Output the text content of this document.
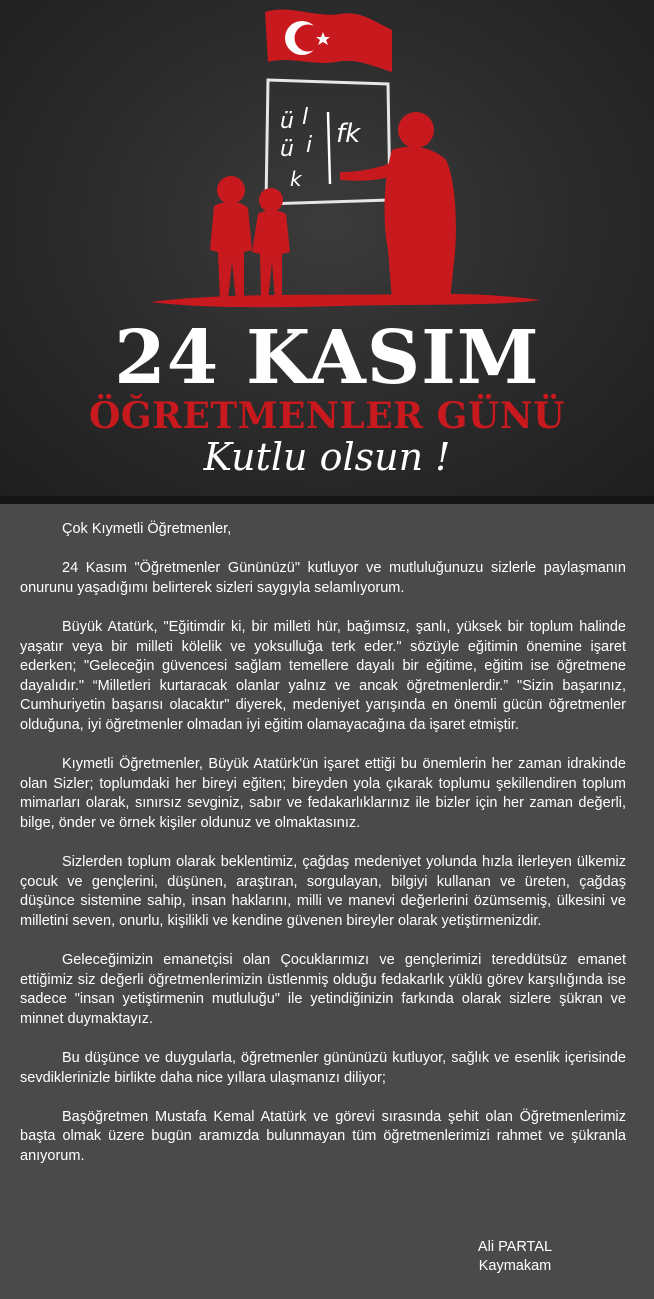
ü l
ü i
k
fk
24 KASIM
ÖĞRETMENLER GÜNÜ
Kutlu olsun !

Çok Kıymetli Öğretmenler,

24 Kasım "Öğretmenler Gününüzü" kutluyor ve mutluluğunuzu sizlerle paylaşmanın onurunu yaşadığımı belirterek sizleri saygıyla selamlıyorum.

Büyük Atatürk, "Eğitimdir ki, bir milleti hür, bağımsız, şanlı, yüksek bir toplum halinde yaşatır veya bir milleti kölelik ve yoksulluğa terk eder." sözüyle eğitimin önemine işaret ederken; "Geleceğin güvencesi sağlam temellere dayalı bir eğitime, eğitim ise öğretmene dayalıdır." “Milletleri kurtaracak olanlar yalnız ve ancak öğretmenlerdir.” "Sizin başarınız, Cumhuriyetin başarısı olacaktır" diyerek, medeniyet yarışında en önemli gücün öğretmenler olduğuna, iyi öğretmenler olmadan iyi eğitim olamayacağına da işaret etmiştir.

Kıymetli Öğretmenler, Büyük Atatürk'ün işaret ettiği bu önemlerin her zaman idrakinde olan Sizler; toplumdaki her bireyi eğiten; bireyden yola çıkarak toplumu şekillendiren toplum mimarları olarak, sınırsız sevginiz, sabır ve fedakarlıklarınız ile bizler için her zaman değerli, bilge, önder ve örnek kişiler oldunuz ve olmaktasınız.

Sizlerden toplum olarak beklentimiz, çağdaş medeniyet yolunda hızla ilerleyen ülkemiz çocuk ve gençlerini, düşünen, araştıran, sorgulayan, bilgiyi kullanan ve üreten, çağdaş düşünce sistemine sahip, insan haklarını, milli ve manevi değerlerini özümsemiş, ülkesini ve milletini seven, onurlu, kişilikli ve kendine güvenen bireyler olarak yetiştirmenizdir.

Geleceğimizin emanetçisi olan Çocuklarımızı ve gençlerimizi tereddütsüz emanet ettiğimiz siz değerli öğretmenlerimizin üstlenmiş olduğu fedakarlık yüklü görev karşılığında ise sadece "insan yetiştirmenin mutluluğu" ile yetindiğinizin farkında olarak sizlere şükran ve minnet duymaktayız.

Bu düşünce ve duygularla, öğretmenler gününüzü kutluyor, sağlık ve esenlik içerisinde sevdiklerinizle birlikte daha nice yıllara ulaşmanızı diliyor;

Başöğretmen Mustafa Kemal Atatürk ve görevi sırasında şehit olan Öğretmenlerimiz başta olmak üzere bugün aramızda bulunmayan tüm öğretmenlerimizi rahmet ve şükranla anıyorum.

Ali PARTAL
Kaymakam
